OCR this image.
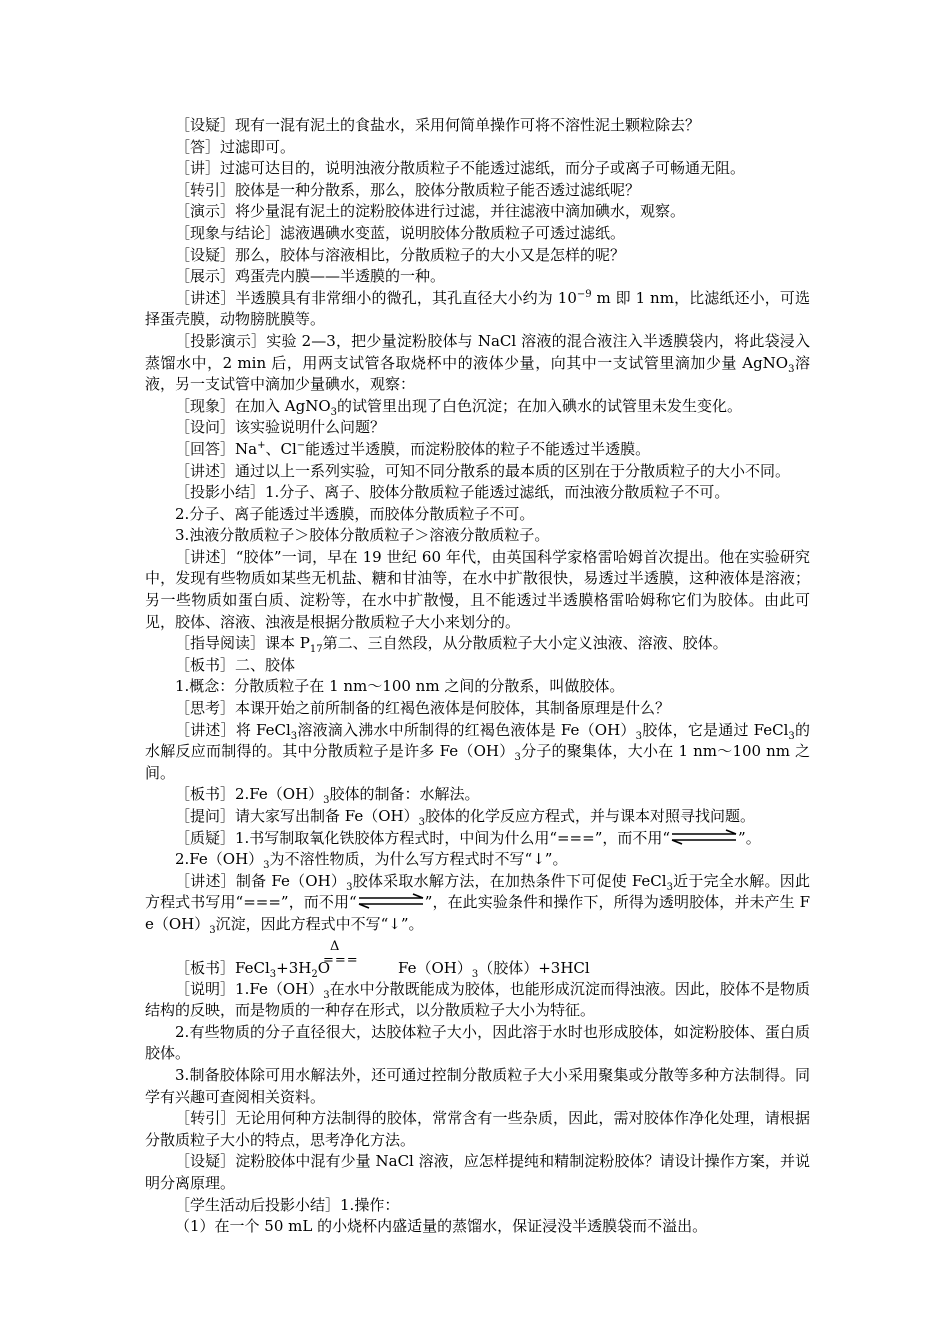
［设疑］现有一混有泥土的食盐水，采用何简单操作可将不溶性泥土颗粒除去？

［答］过滤即可。

［讲］过滤可达目的，说明浊液分散质粒子不能透过滤纸，而分子或离子可畅通无阻。

［转引］胶体是一种分散系，那么，胶体分散质粒子能否透过滤纸呢？

［演示］将少量混有泥土的淀粉胶体进行过滤，并往滤液中滴加碘水，观察。

［现象与结论］滤液遇碘水变蓝，说明胶体分散质粒子可透过滤纸。

［设疑］那么，胶体与溶液相比，分散质粒子的大小又是怎样的呢？

［展示］鸡蛋壳内膜——半透膜的一种。

［讲述］半透膜具有非常细小的微孔，其孔直径大小约为 $10^{-9}$ m 即 1 nm，比滤纸还小，可选择蛋壳膜，动物膀胱膜等。

［投影演示］实验 2—3，把少量淀粉胶体与 NaCl 溶液的混合液注入半透膜袋内，将此袋浸入蒸馏水中，2 min 后，用两支试管各取烧杯中的液体少量，向其中一支试管里滴加少量 AgNO$_3$溶液，另一支试管中滴加少量碘水，观察：

［现象］在加入 AgNO$_3$的试管里出现了白色沉淀；在加入碘水的试管里未发生变化。

［设问］该实验说明什么问题？

［回答］Na+、Cl−能透过半透膜，而淀粉胶体的粒子不能透过半透膜。

［讲述］通过以上一系列实验，可知不同分散系的最本质的区别在于分散质粒子的大小不同。

［投影小结］1.分子、离子、胶体分散质粒子能透过滤纸，而浊液分散质粒子不可。

2.分子、离子能透过半透膜，而胶体分散质粒子不可。

3.浊液分散质粒子＞胶体分散质粒子＞溶液分散质粒子。

［讲述］“胶体”一词，早在 19 世纪 60 年代，由英国科学家格雷哈姆首次提出。他在实验研究中，发现有些物质如某些无机盐、糖和甘油等，在水中扩散很快，易透过半透膜，这种液体是溶液；另一些物质如蛋白质、淀粉等，在水中扩散慢，且不能透过半透膜格雷哈姆称它们为胶体。由此可见，胶体、溶液、浊液是根据分散质粒子大小来划分的。

［指导阅读］课本 $P_{17}$第二、三自然段，从分散质粒子大小定义浊液、溶液、胶体。

［板书］二、胶体

1.概念：分散质粒子在 1 nm～100 nm 之间的分散系，叫做胶体。

［思考］本课开始之前所制备的红褐色液体是何胶体，其制备原理是什么？

［讲述］将 FeCl$_3$溶液滴入沸水中所制得的红褐色液体是 $Fe(OH)_3$胶体，它是通过 FeCl$_3$的水解反应而制得的。其中分散质粒子是许多 $Fe(OH)_3$分子的聚集体，大小在 1 nm～100 nm 之间。

［板书$]2.Fe(OH)_3$胶体的制备：水解法。

［提问］请大家写出制备 $Fe(OH)_3$胶体的化学反应方程式，并与课本对照寻找问题。

［质疑］1.书写制取氧化铁胶体方程式时，中间为什么用“===”，而不用“	”。

$2.Fe(OH)_3$为不溶性物质，为什么写方程式时不写“↓”。

［讲述］制备 $Fe(OH)_3$胶体采取水解方法，在加热条件下可促使 FeCl$_3$近于完全水解。因此方程式书写用“===”，而不用“	”，在此实验条件和操作下，所得为透明胶体，并未产生 $Fe(OH)_3$沉淀，因此方程式中不写“↓”。

Δ
===
［板书$]FeCl_3+3H_2O$	$Fe(OH)_3$（胶体）+3HCl

［说明$]1.Fe(OH)_3$在水中分散既能成为胶体，也能形成沉淀而得浊液。因此，胶体不是物质结构的反映，而是物质的一种存在形式，以分散质粒子大小为特征。

2.有些物质的分子直径很大，达胶体粒子大小，因此溶于水时也形成胶体，如淀粉胶体、蛋白质胶体。

3.制备胶体除可用水解法外，还可通过控制分散质粒子大小采用聚集或分散等多种方法制得。同学有兴趣可查阅相关资料。

［转引］无论用何种方法制得的胶体，常常含有一些杂质，因此，需对胶体作净化处理，请根据分散质粒子大小的特点，思考净化方法。

［设疑］淀粉胶体中混有少量 NaCl 溶液，应怎样提纯和精制淀粉胶体？请设计操作方案，并说明分离原理。

［学生活动后投影小结］1.操作：

（1）在一个 50 mL 的小烧杯内盛适量的蒸馏水，保证浸没半透膜袋而不溢出。
